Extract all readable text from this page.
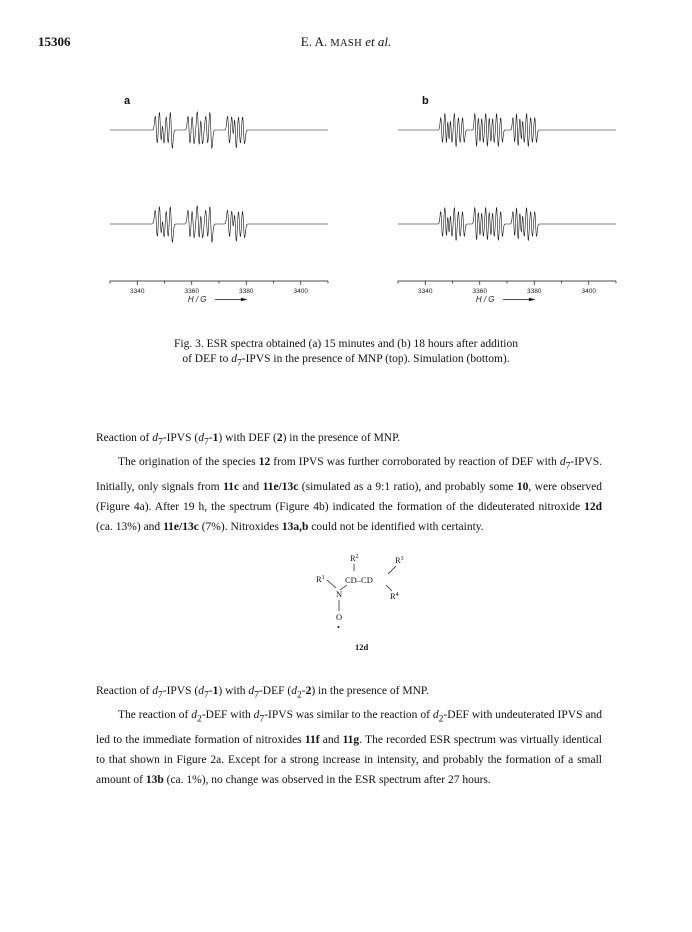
15306	E. A. MASH et al.
a
3340	3360	3380	3400
H / G
b
3340	3360	3380	3400
H / G
Fig. 3. ESR spectra obtained (a) 15 minutes and (b) 18 hours after addition
of DEF to $d_7$-IPVS in the presence of MNP (top). Simulation (bottom).

Reaction of $d_7$-IPVS $(d_7-1)$ with DEF (2) in the presence of MNP.

The origination of the species 12 from IPVS was further corroborated by reaction of DEF with $d_7$-IPVS. Initially, only signals from 11c and 11e/13c (simulated as a 9:1 ratio), and probably some 10, were observed (Figure 4a). After 19 h, the spectrum (Figure 4b) indicated the formation of the dideuterated nitroxide 12d (ca. 13%) and 11e/13c (7%). Nitroxides 13a,b could not be identified with certainty.

$R^2$	$R^3$
$R^1$ CD–CD
N	$R^4$
O
•
12d

Reaction of $d_7$-IPVS $(d_7-1)$ with $d_7$-DEF $(d_2-2)$ in the presence of MNP.

The reaction of $d_2$-DEF with $d_7$-IPVS was similar to the reaction of $d_2$-DEF with undeuterated IPVS and led to the immediate formation of nitroxides 11f and 11g. The recorded ESR spectrum was virtually identical to that shown in Figure 2a. Except for a strong increase in intensity, and probably the formation of a small amount of 13b (ca. 1%), no change was observed in the ESR spectrum after 27 hours.
